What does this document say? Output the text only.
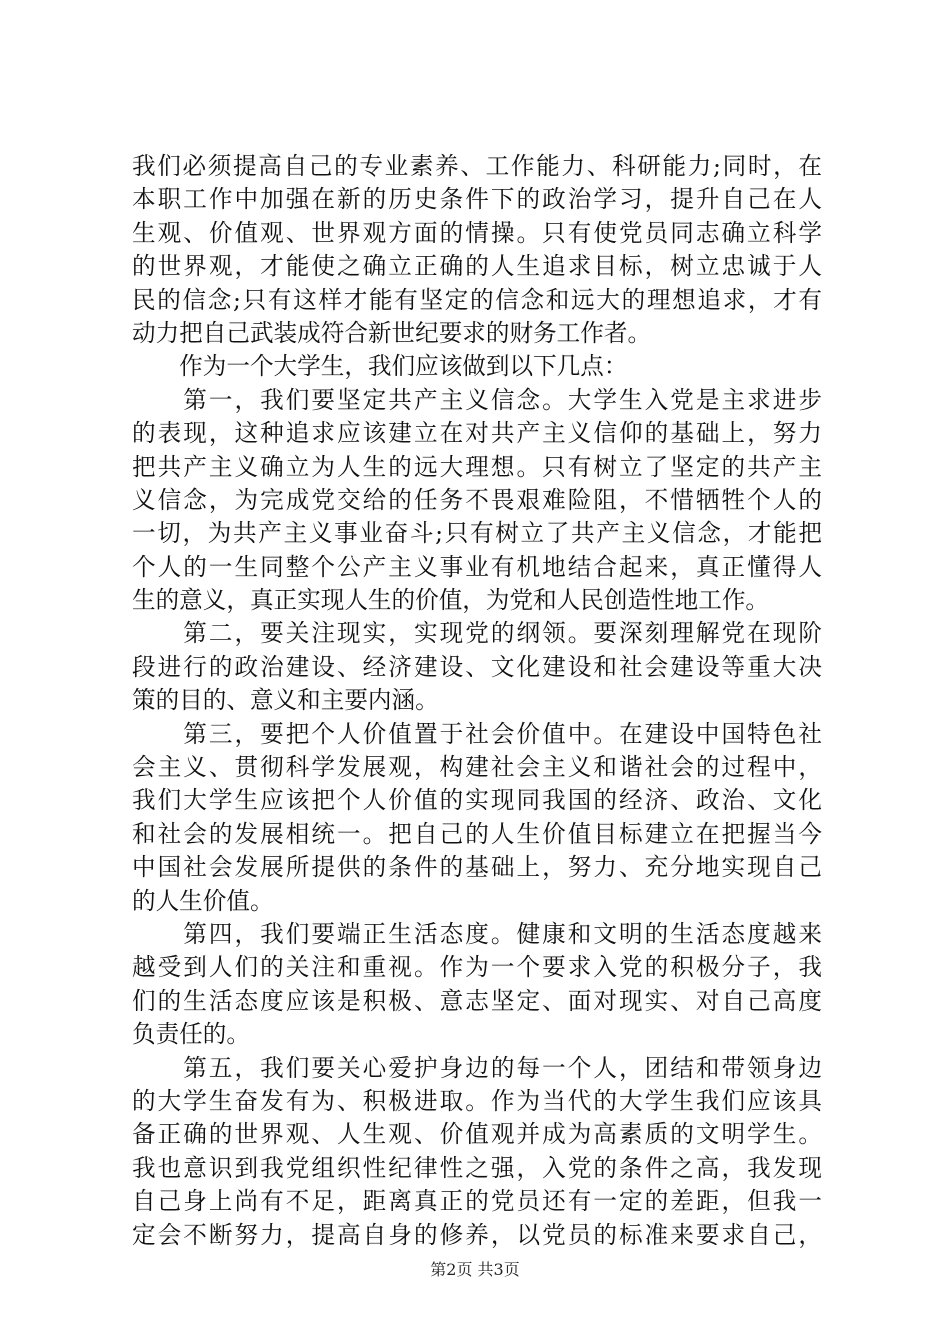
我们必须提高自己的专业素养、工作能力、科研能力;同时，在
本职工作中加强在新的历史条件下的政治学习，提升自己在人
生观、价值观、世界观方面的情操。只有使党员同志确立科学
的世界观，才能使之确立正确的人生追求目标，树立忠诚于人
民的信念;只有这样才能有坚定的信念和远大的理想追求，才有
动力把自己武装成符合新世纪要求的财务工作者。
　　作为一个大学生，我们应该做到以下几点：
　　第一，我们要坚定共产主义信念。大学生入党是主求进步
的表现，这种追求应该建立在对共产主义信仰的基础上，努力
把共产主义确立为人生的远大理想。只有树立了坚定的共产主
义信念，为完成党交给的任务不畏艰难险阻，不惜牺牲个人的
一切，为共产主义事业奋斗;只有树立了共产主义信念，才能把
个人的一生同整个公产主义事业有机地结合起来，真正懂得人
生的意义，真正实现人生的价值，为党和人民创造性地工作。
　　第二，要关注现实，实现党的纲领。要深刻理解党在现阶
段进行的政治建设、经济建设、文化建设和社会建设等重大决
策的目的、意义和主要内涵。
　　第三，要把个人价值置于社会价值中。在建设中国特色社
会主义、贯彻科学发展观，构建社会主义和谐社会的过程中，
我们大学生应该把个人价值的实现同我国的经济、政治、文化
和社会的发展相统一。把自己的人生价值目标建立在把握当今
中国社会发展所提供的条件的基础上，努力、充分地实现自己
的人生价值。
　　第四，我们要端正生活态度。健康和文明的生活态度越来
越受到人们的关注和重视。作为一个要求入党的积极分子，我
们的生活态度应该是积极、意志坚定、面对现实、对自己高度
负责任的。
　　第五，我们要关心爱护身边的每一个人，团结和带领身边
的大学生奋发有为、积极进取。作为当代的大学生我们应该具
备正确的世界观、人生观、价值观并成为高素质的文明学生。
我也意识到我党组织性纪律性之强，入党的条件之高，我发现
自己身上尚有不足，距离真正的党员还有一定的差距，但我一
定会不断努力，提高自身的修养，以党员的标准来要求自己，
第2页 共3页
